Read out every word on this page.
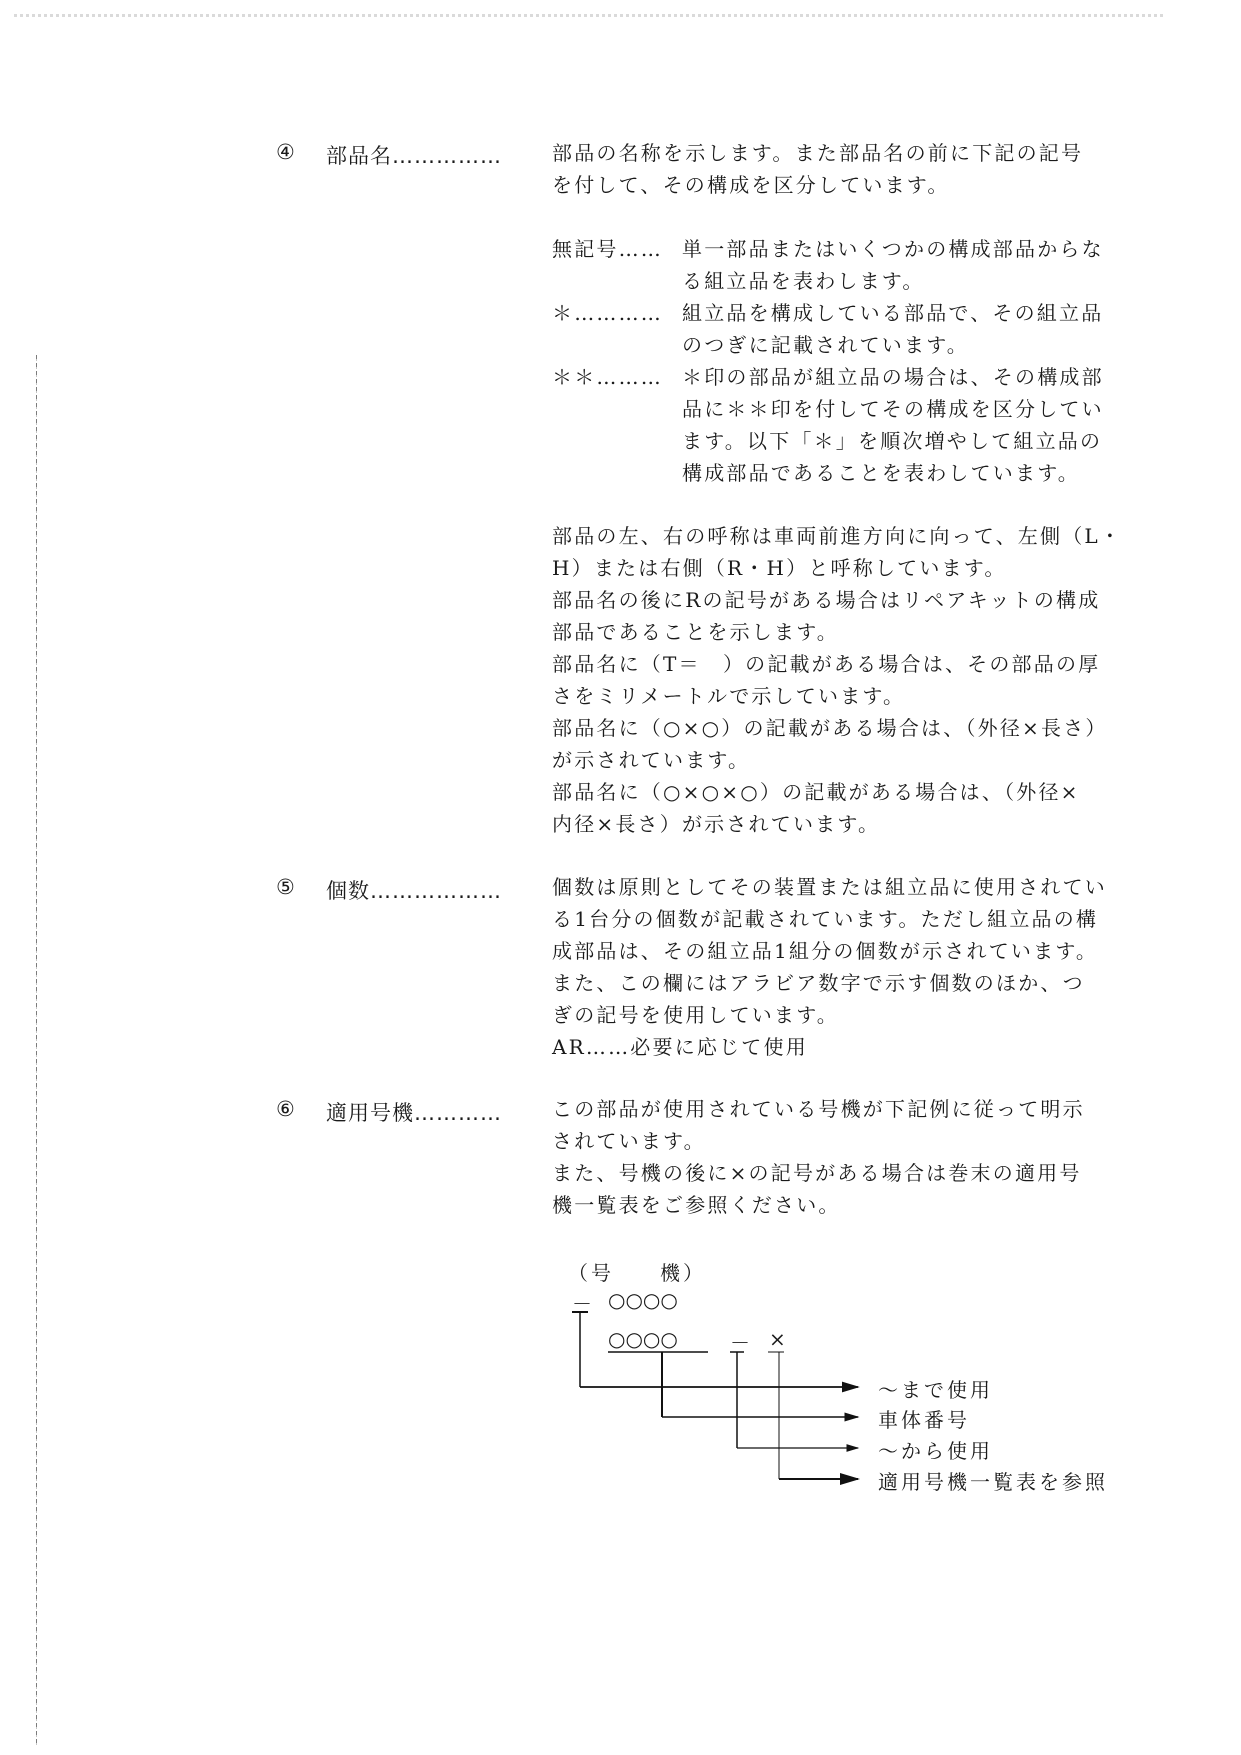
④ 部品名……………	部品の名称を示します。また部品名の前に下記の記号
を付して、その構成を区分しています。
無記号…… 単一部品またはいくつかの構成部品からな
る組立品を表わします。
＊………… 組立品を構成している部品で、その組立品
のつぎに記載されています。
＊＊……… ＊印の部品が組立品の場合は、その構成部
品に＊＊印を付してその構成を区分してい
ます。以下「＊」を順次増やして組立品の
構成部品であることを表わしています。
部品の左、右の呼称は車両前進方向に向って、左側（L・
H）または右側（R・H）と呼称しています。
部品名の後にRの記号がある場合はリペアキットの構成
部品であることを示します。
部品名に（T＝　）の記載がある場合は、その部品の厚
さをミリメートルで示しています。
部品名に（○×○）の記載がある場合は、（外径×長さ）
が示されています。
部品名に（○×○×○）の記載がある場合は、（外径×
内径×長さ）が示されています。
⑤ 個数………………	個数は原則としてその装置または組立品に使用されてい
る1台分の個数が記載されています。ただし組立品の構
成部品は、その組立品1組分の個数が示されています。
また、この欄にはアラビア数字で示す個数のほか、つ
ぎの記号を使用しています。
AR……必要に応じて使用
⑥ 適用号機…………	この部品が使用されている号機が下記例に従って明示
されています。
また、号機の後に×の記号がある場合は巻末の適用号
機一覧表をご参照ください。
（号　　機）
－ ○○○○
○○○○	－ ×
～まで使用
車体番号
～から使用
適用号機一覧表を参照
